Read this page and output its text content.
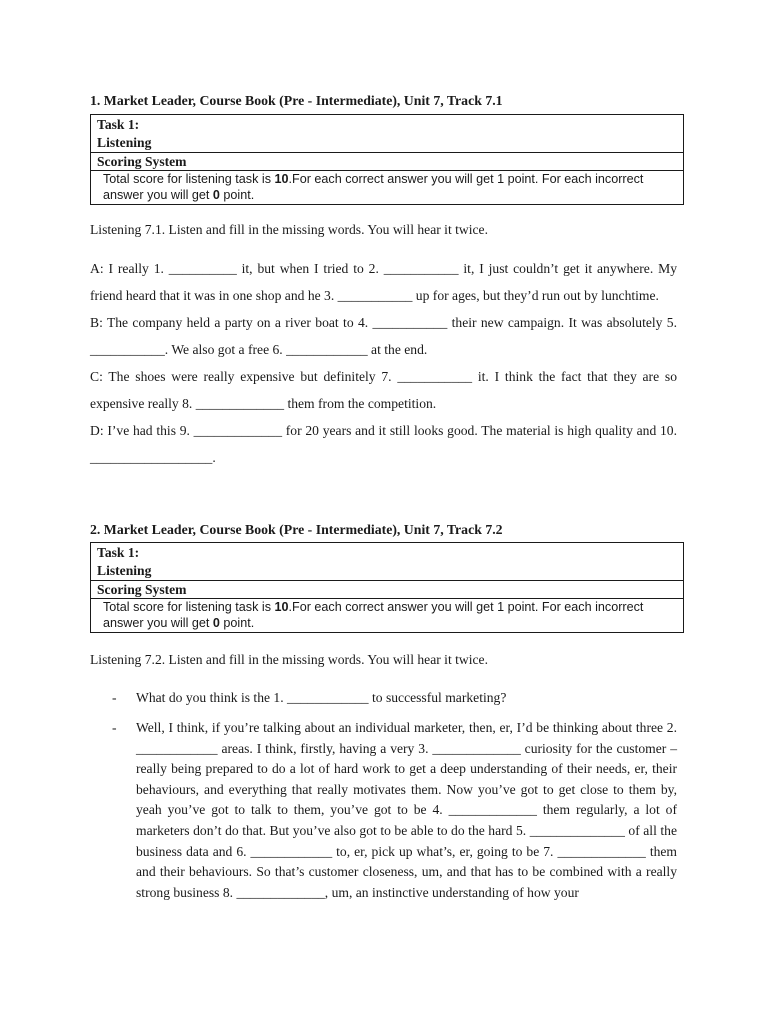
1. Market Leader, Course Book (Pre - Intermediate), Unit 7, Track 7.1
Task 1:
Listening
Scoring System
Total score for listening task is 10.For each correct answer you will get 1 point. For each incorrect answer you will get 0 point.
Listening 7.1. Listen and fill in the missing words. You will hear it twice.
A: I really 1. __________ it, but when I tried to 2. ___________ it, I just couldn’t get it anywhere. My friend heard that it was in one shop and he 3. ___________ up for ages, but they’d run out by lunchtime.
B: The company held a party on a river boat to 4. ___________ their new campaign. It was absolutely 5. ___________. We also got a free 6. ____________ at the end.
C: The shoes were really expensive but definitely 7. ___________ it. I think the fact that they are so expensive really 8. _____________ them from the competition.
D: I’ve had this 9. _____________ for 20 years and it still looks good. The material is high quality and 10. __________________.
2. Market Leader, Course Book (Pre - Intermediate), Unit 7, Track 7.2
Task 1:
Listening
Scoring System
Total score for listening task is 10.For each correct answer you will get 1 point. For each incorrect answer you will get 0 point.
Listening 7.2. Listen and fill in the missing words. You will hear it twice.
- What do you think is the 1. ____________ to successful marketing?
- Well, I think, if you’re talking about an individual marketer, then, er, I’d be thinking about three 2. ____________ areas. I think, firstly, having a very 3. _____________ curiosity for the customer – really being prepared to do a lot of hard work to get a deep understanding of their needs, er, their behaviours, and everything that really motivates them. Now you’ve got to get close to them by, yeah you’ve got to talk to them, you’ve got to be 4. _____________ them regularly, a lot of marketers don’t do that. But you’ve also got to be able to do the hard 5. ______________ of all the business data and 6. ____________ to, er, pick up what’s, er, going to be 7. _____________ them and their behaviours. So that’s customer closeness, um, and that has to be combined with a really strong business 8. _____________, um, an instinctive understanding of how your
